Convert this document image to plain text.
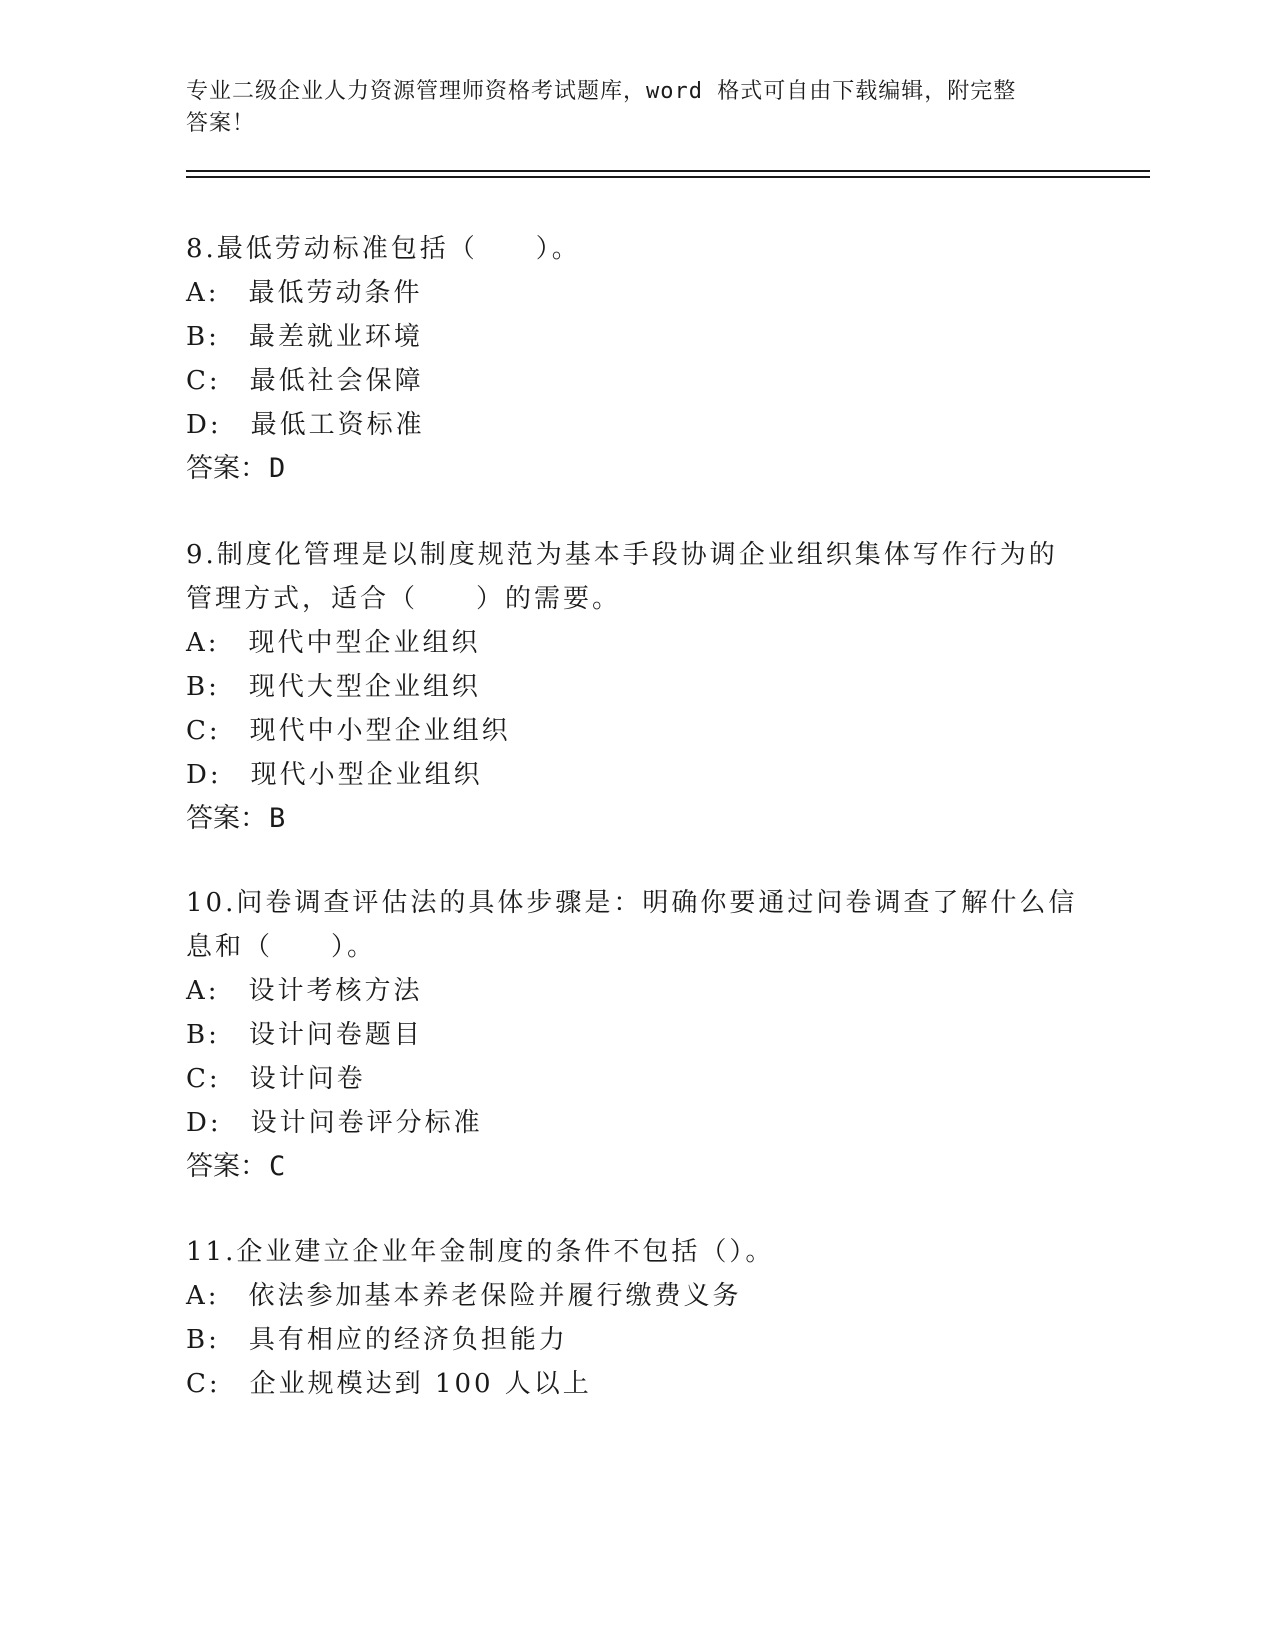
专业二级企业人力资源管理师资格考试题库，word 格式可自由下载编辑，附完整
答案！
8.最低劳动标准包括（　　）。
A:　最低劳动条件
B:　最差就业环境
C:　最低社会保障
D:　最低工资标准
答案：D
9.制度化管理是以制度规范为基本手段协调企业组织集体写作行为的
管理方式，适合（　　）的需要。
A:　现代中型企业组织
B:　现代大型企业组织
C:　现代中小型企业组织
D:　现代小型企业组织
答案：B
10.问卷调查评估法的具体步骤是：明确你要通过问卷调查了解什么信
息和（　　）。
A:　设计考核方法
B:　设计问卷题目
C:　设计问卷
D:　设计问卷评分标准
答案：C
11.企业建立企业年金制度的条件不包括（）。
A:　依法参加基本养老保险并履行缴费义务
B:　具有相应的经济负担能力
C:　企业规模达到 100 人以上
